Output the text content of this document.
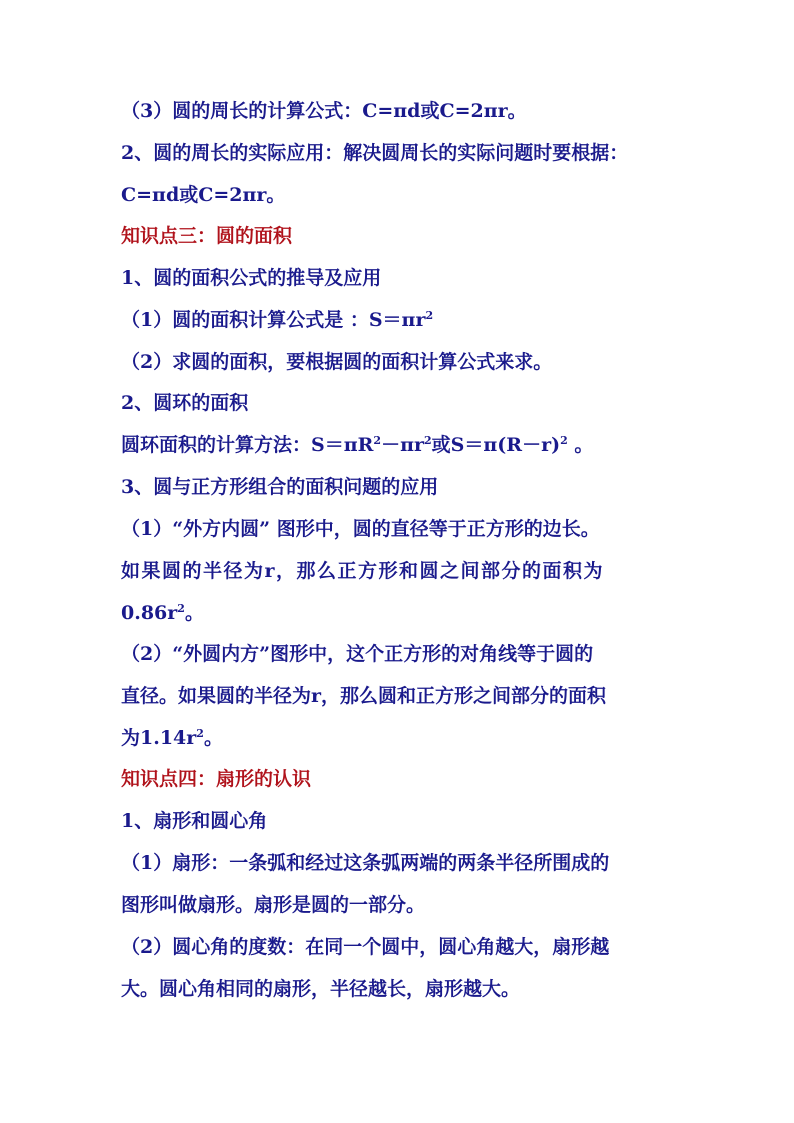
（3）圆的周长的计算公式：C=πd或C=2πr。
2、圆的周长的实际应用：解决圆周长的实际问题时要根据：
C=πd或C=2πr。
知识点三：圆的面积
1、圆的面积公式的推导及应用
（1）圆的面积计算公式是 ：$S=\pi r^2$
（2）求圆的面积，要根据圆的面积计算公式来求。
2、圆环的面积
圆环面积的计算方法：$S=\pi R^2-\pi r^2$或$S=\pi(R-r)^2$ 。
3、圆与正方形组合的面积问题的应用
（1）“外方内圆” 图形中，圆的直径等于正方形的边长。
如果圆的半径为r，那么正方形和圆之间部分的面积为
$0.86r^2$。
（2）“外圆内方”图形中，这个正方形的对角线等于圆的
直径。如果圆的半径为r，那么圆和正方形之间部分的面积
为$1.14r^2$。
知识点四：扇形的认识
1、扇形和圆心角
（1）扇形：一条弧和经过这条弧两端的两条半径所围成的
图形叫做扇形。扇形是圆的一部分。
（2）圆心角的度数：在同一个圆中，圆心角越大，扇形越
大。圆心角相同的扇形，半径越长，扇形越大。
